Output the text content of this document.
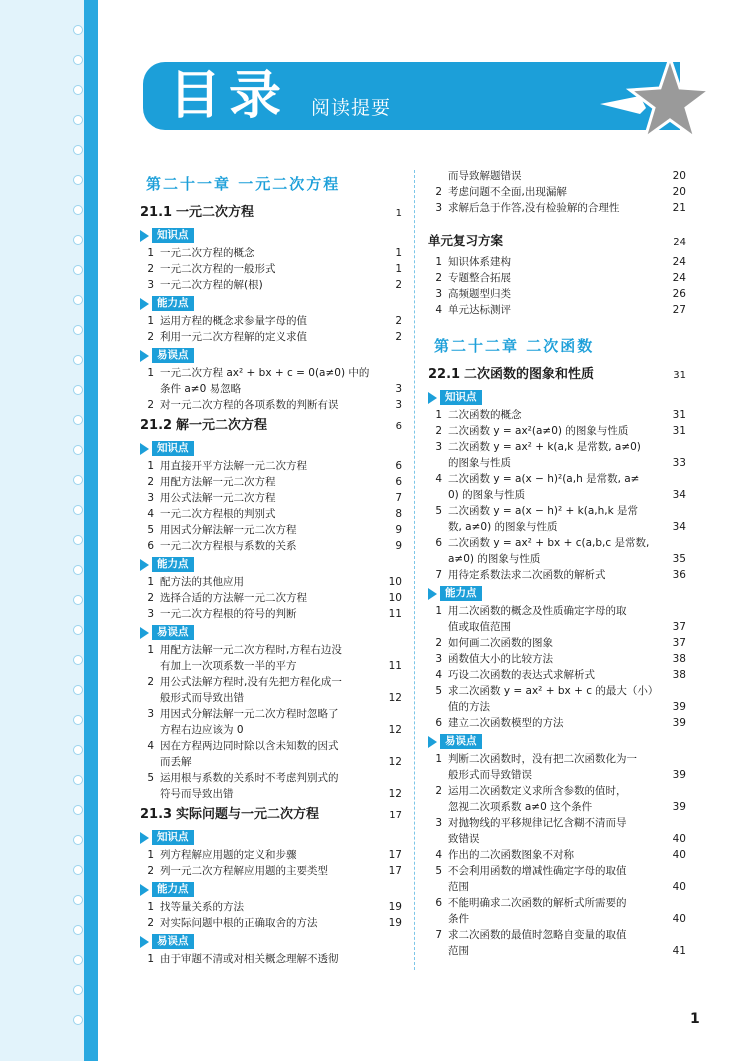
目录 阅读提要
第二十一章 一元二次方程
21.1 一元二次方程	1
知识点
1 一元二次方程的概念	1
2 一元二次方程的一般形式	1
3 一元二次方程的解(根)	2
能力点
1 运用方程的概念求参量字母的值	2
2 利用一元二次方程解的定义求值	2
易误点
1 一元二次方程 ax² + bx + c = 0(a≠0) 中的
条件 a≠0 易忽略	3
2 对一元二次方程的各项系数的判断有误	3
21.2 解一元二次方程	6
知识点
1 用直接开平方法解一元二次方程	6
2 用配方法解一元二次方程	6
3 用公式法解一元二次方程	7
4 一元二次方程根的判别式	8
5 用因式分解法解一元二次方程	9
6 一元二次方程根与系数的关系	9
能力点
1 配方法的其他应用	10
2 选择合适的方法解一元二次方程	10
3 一元二次方程根的符号的判断	11
易误点
1 用配方法解一元二次方程时,方程右边没
有加上一次项系数一半的平方	11
2 用公式法解方程时,没有先把方程化成一
般形式而导致出错	12
3 用因式分解法解一元二次方程时忽略了
方程右边应该为 0	12
4 因在方程两边同时除以含未知数的因式
而丢解	12
5 运用根与系数的关系时不考虑判别式的
符号而导致出错	12
21.3 实际问题与一元二次方程	17
知识点
1 列方程解应用题的定义和步骤	17
2 列一元二次方程解应用题的主要类型	17
能力点
1 找等量关系的方法	19
2 对实际问题中根的正确取舍的方法	19
易误点
1 由于审题不清或对相关概念理解不透彻
而导致解题错误	20
2 考虑问题不全面,出现漏解	20
3 求解后急于作答,没有检验解的合理性	21
单元复习方案	24
1 知识体系建构	24
2 专题整合拓展	24
3 高频题型归类	26
4 单元达标测评	27
第二十二章 二次函数
22.1 二次函数的图象和性质	31
知识点
1 二次函数的概念	31
2 二次函数 y = ax²(a≠0) 的图象与性质	31
3 二次函数 y = ax² + k(a,k 是常数, a≠0)
的图象与性质	33
4 二次函数 y = a(x − h)²(a,h 是常数, a≠
0) 的图象与性质	34
5 二次函数 y = a(x − h)² + k(a,h,k 是常
数, a≠0) 的图象与性质	34
6 二次函数 y = ax² + bx + c(a,b,c 是常数,
a≠0) 的图象与性质	35
7 用待定系数法求二次函数的解析式	36
能力点
1 用二次函数的概念及性质确定字母的取
值或取值范围	37
2 如何画二次函数的图象	37
3 函数值大小的比较方法	38
4 巧设二次函数的表达式求解析式	38
5 求二次函数 y = ax² + bx + c 的最大（小）
值的方法	39
6 建立二次函数模型的方法	39
易误点
1 判断二次函数时，没有把二次函数化为一
般形式而导致错误	39
2 运用二次函数定义求所含参数的值时，
忽视二次项系数 a≠0 这个条件	39
3 对抛物线的平移规律记忆含糊不清而导
致错误	40
4 作出的二次函数图象不对称	40
5 不会利用函数的增减性确定字母的取值
范围	40
6 不能明确求二次函数的解析式所需要的
条件	40
7 求二次函数的最值时忽略自变量的取值
范围	41
1
